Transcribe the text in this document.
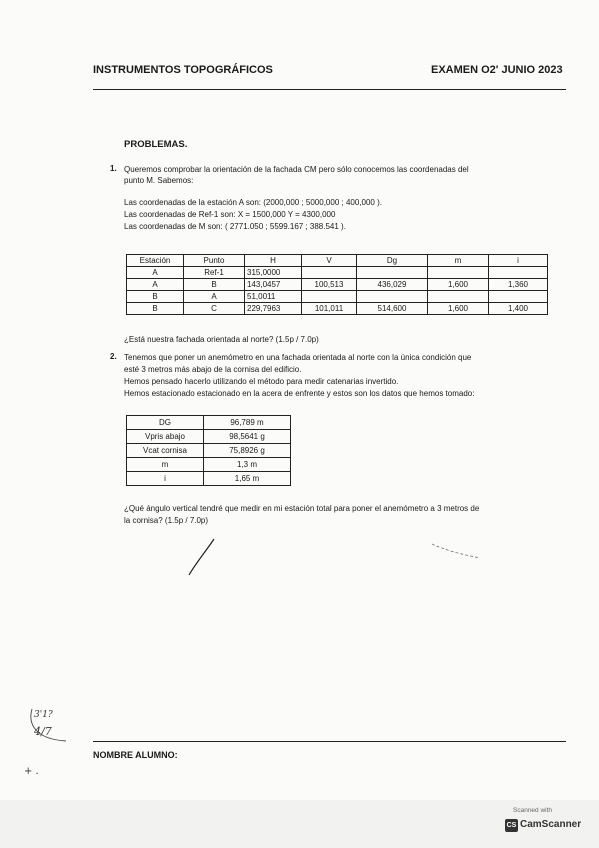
INSTRUMENTOS TOPOGRÁFICOS	EXAMEN O2' JUNIO 2023
PROBLEMAS.
1. Queremos comprobar la orientación de la fachada CM pero sólo conocemos las coordenadas del
punto M. Sabemos:
Las coordenadas de la estación A son: (2000,000 ; 5000,000 ; 400,000 ).
Las coordenadas de Ref-1 son: X = 1500,000 Y = 4300,000
Las coordenadas de M son: ( 2771.050 ; 5599.167 ; 388.541 ).
Estación	Punto	H	V	Dg	m	i
A	Ref-1	315,0000				
A	B	143,0457	100,513	436,029	1,600	1,360
B	A	51,0011				
B	C	229,7963	101,011	514,600	1,600	1,400
¿Está nuestra fachada orientada al norte? (1.5p / 7.0p)
2. Tenemos que poner un anemómetro en una fachada orientada al norte con la única condición que
esté 3 metros más abajo de la cornisa del edificio.
Hemos pensado hacerlo utilizando el método para medir catenarias invertido.
Hemos estacionado estacionado en la acera de enfrente y estos son los datos que hemos tomado:
DG	96,789 m
Vpris abajo	98,5641 g
Vcat cornisa	75,8926 g
m	1,3 m
i	1,65 m
¿Qué ángulo vertical tendré que medir en mi estación total para poner el anemómetro a 3 metros de
la cornisa? (1.5p / 7.0p)
NOMBRE ALUMNO:
3'1?
4/7
+ .
Scanned with
CS CamScanner
